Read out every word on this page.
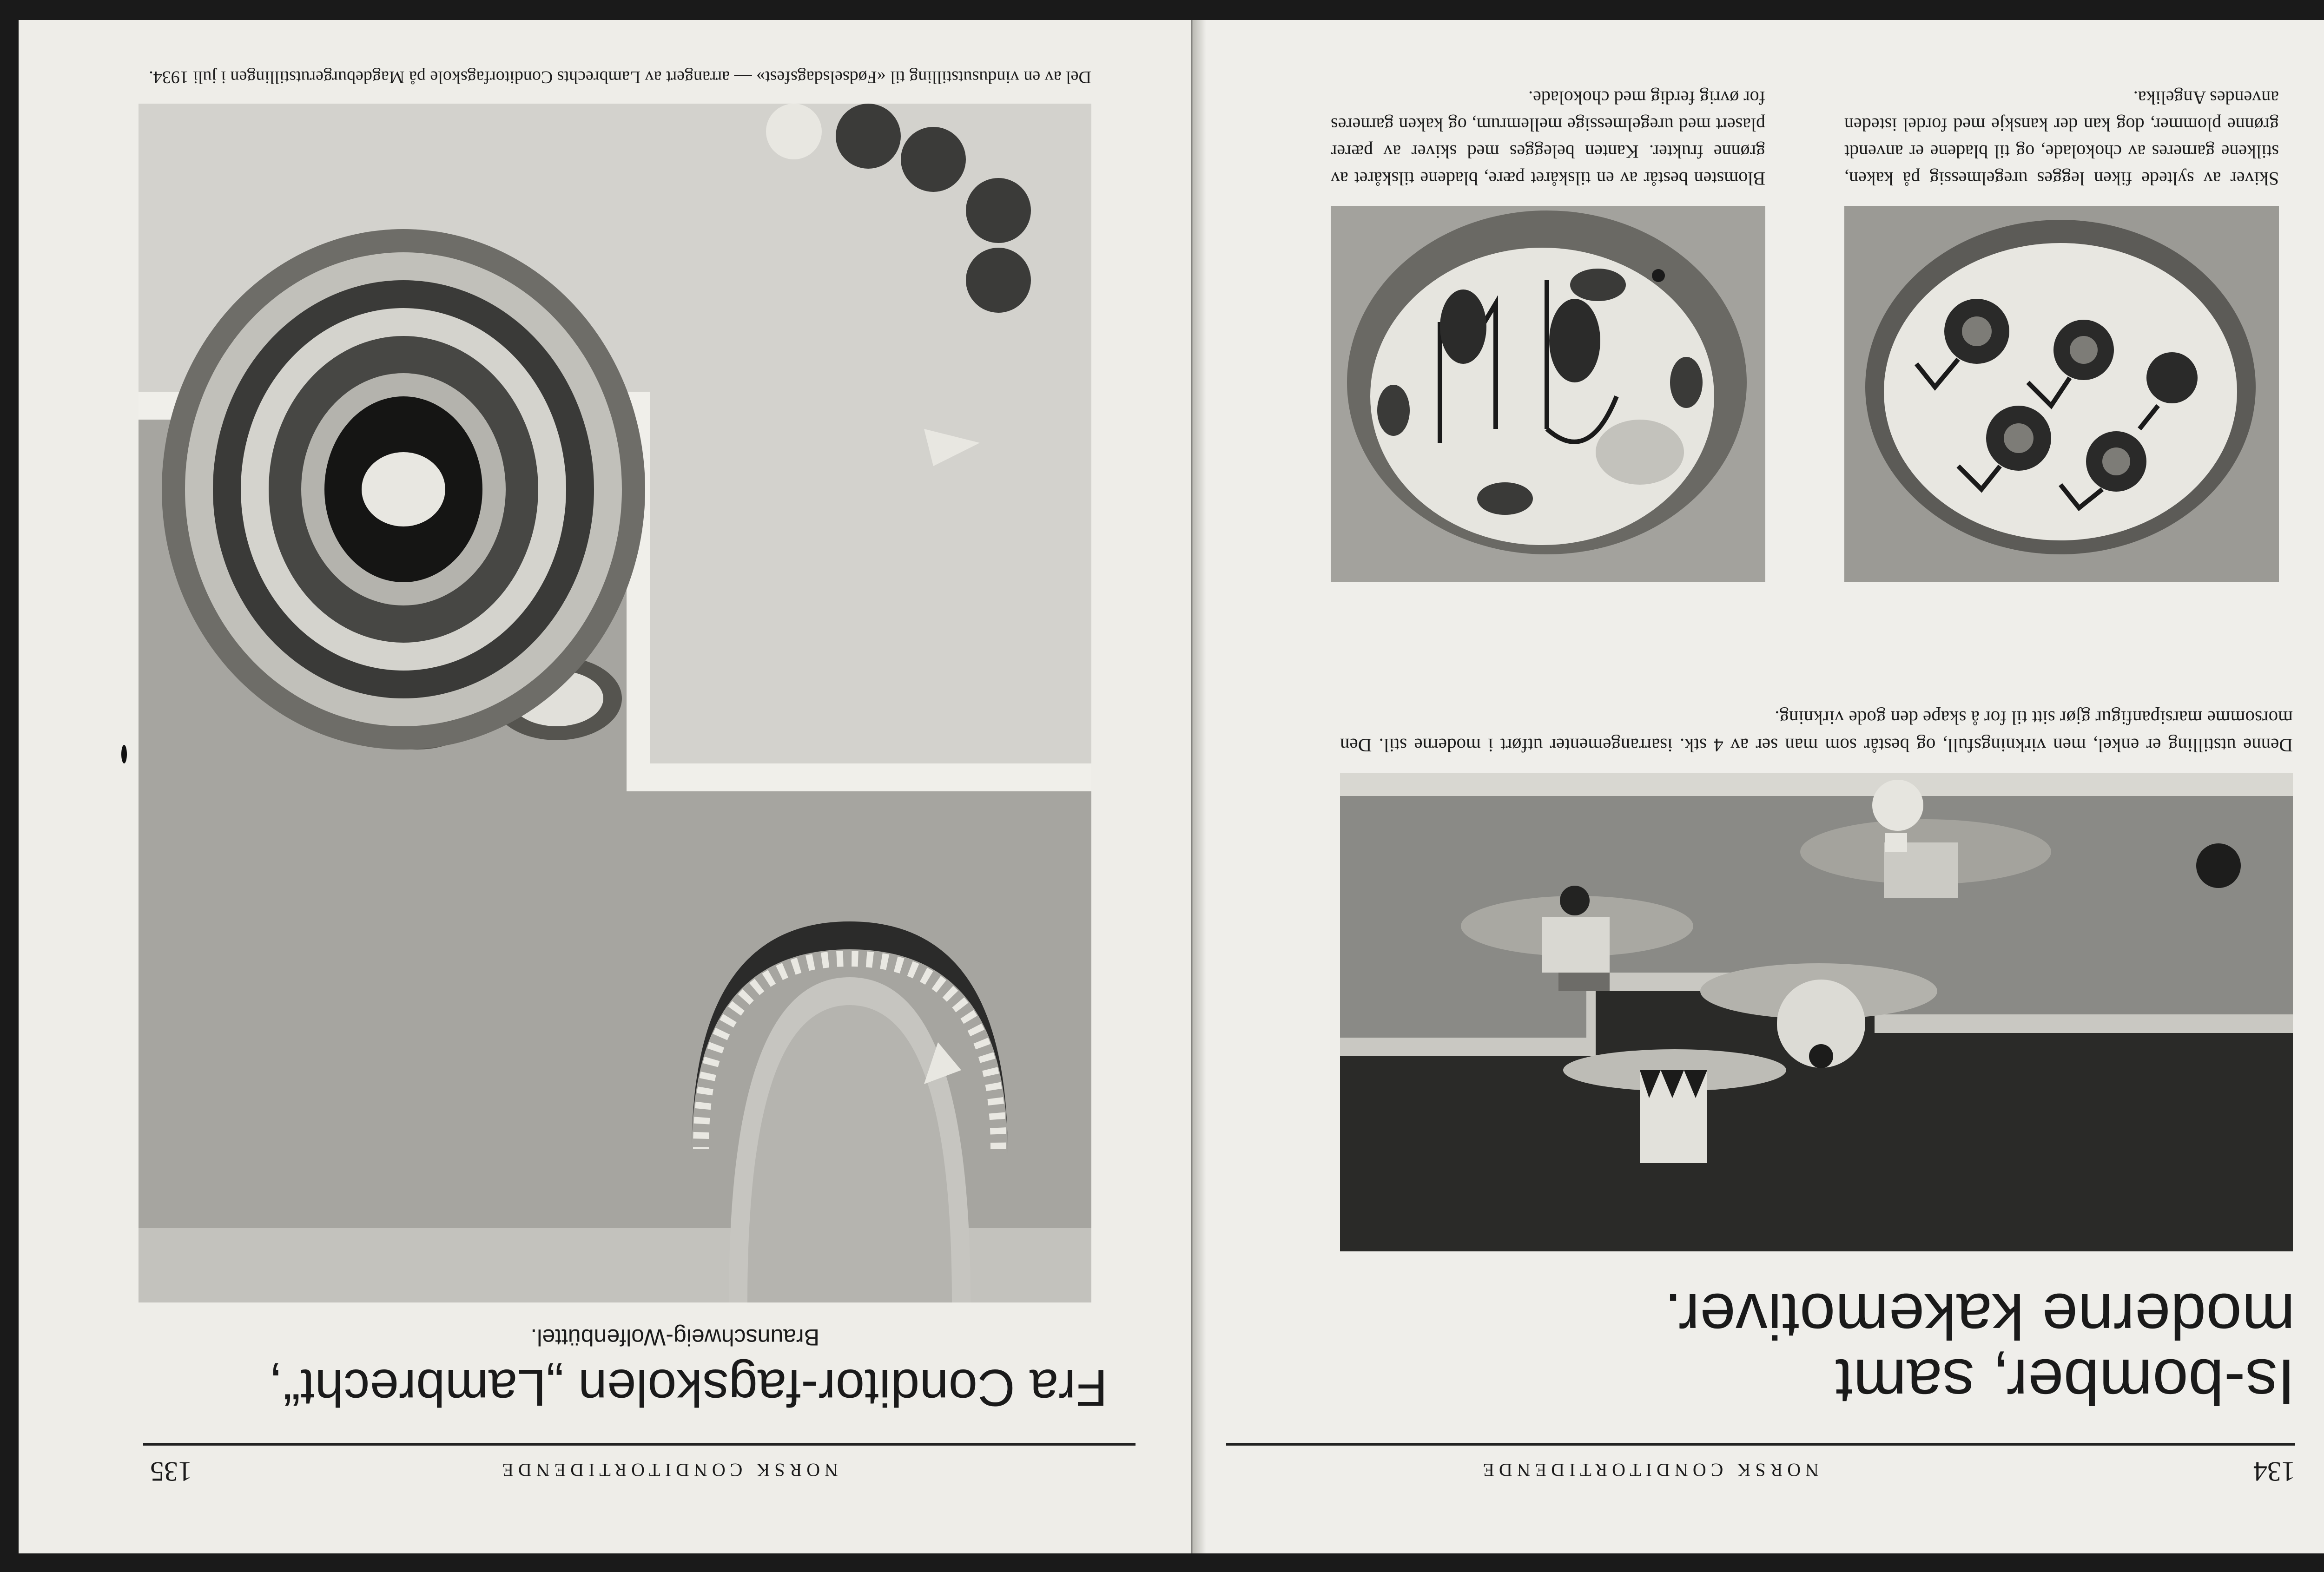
134
NORSK CONDITORTIDENDE
Is-bomber, samt
moderne kakemotiver.

Denne utstilling er enkel, men virkningsfull, og består som man ser av 4 stk. isarrangementer utført i moderne stil. Den morsomme marsipanfigur gjør sitt til for å skape den gode virkning.

Skiver av syltede fiken legges uregelmessig på kaken, stilkene garneres av chokolade, og til bladene er anvendt grønne plommer, dog kan der kanskje med fordel isteden anvendes Angelika.

Blomsten består av en tilskåret pære, bladene tilskåret av grønne frukter. Kanten belegges med skiver av pærer plasert med uregelmessige mellemrum, og kaken garneres for øvrig ferdig med chokolade.

NORSK CONDITORTIDENDE
135
Fra Conditor-fagskolen „Lambrecht“,

Braunschweig-Wolfenbüttel.

Del av en vindusutstilling til «Fødselsdagsfest» — arrangert av Lambrechts Conditorfagskole på Magdeburgerutstillingen i juli 1934.
